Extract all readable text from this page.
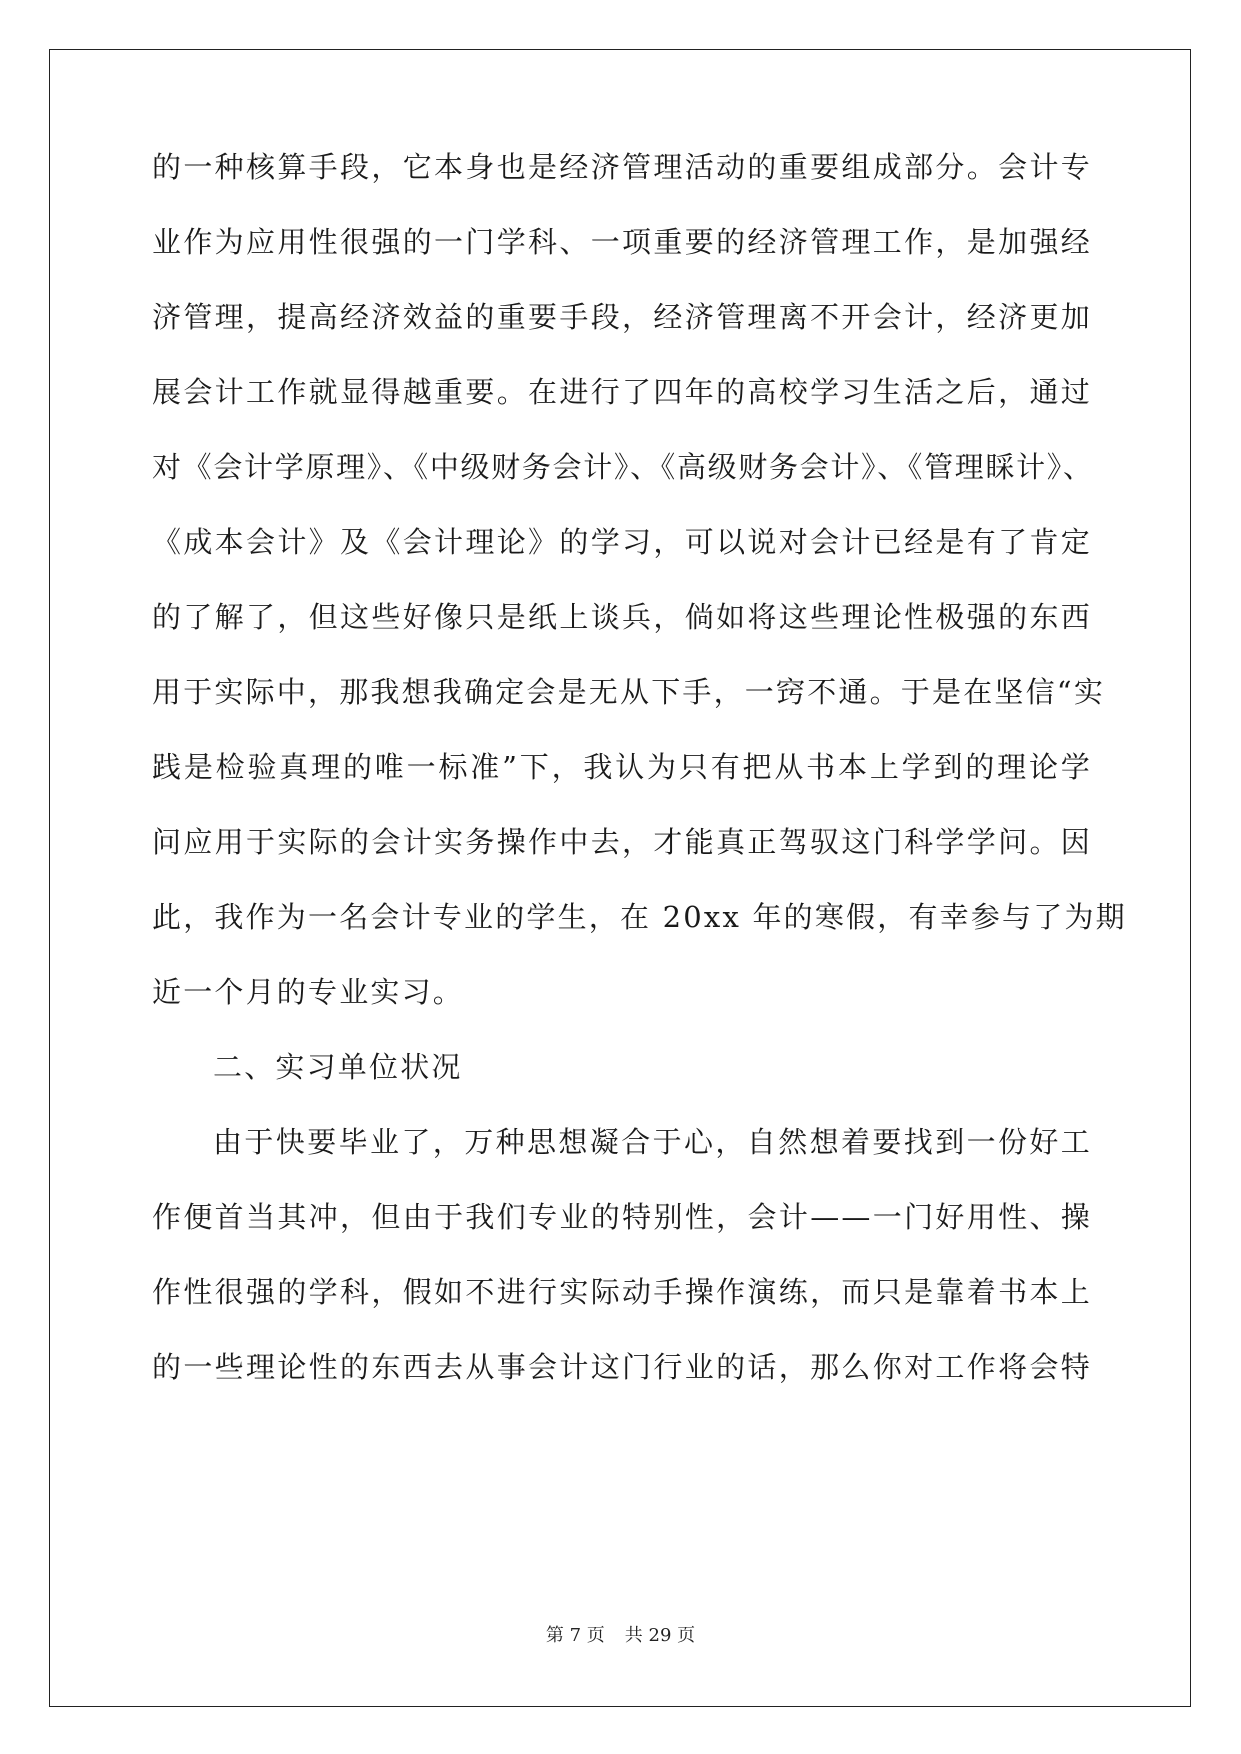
的一种核算手段，它本身也是经济管理活动的重要组成部分。会计专
业作为应用性很强的一门学科、一项重要的经济管理工作，是加强经
济管理，提高经济效益的重要手段，经济管理离不开会计，经济更加
展会计工作就显得越重要。在进行了四年的高校学习生活之后，通过
对《会计学原理》、《中级财务会计》、《高级财务会计》、《管理睬计》、
《成本会计》及《会计理论》的学习，可以说对会计已经是有了肯定
的了解了，但这些好像只是纸上谈兵，倘如将这些理论性极强的东西
用于实际中，那我想我确定会是无从下手，一窍不通。于是在坚信“实
践是检验真理的唯一标准”下，我认为只有把从书本上学到的理论学
问应用于实际的会计实务操作中去，才能真正驾驭这门科学学问。因
此，我作为一名会计专业的学生，在 20xx 年的寒假，有幸参与了为期
近一个月的专业实习。
二、实习单位状况
由于快要毕业了，万种思想凝合于心，自然想着要找到一份好工
作便首当其冲，但由于我们专业的特别性，会计——一门好用性、操
作性很强的学科，假如不进行实际动手操作演练，而只是靠着书本上
的一些理论性的东西去从事会计这门行业的话，那么你对工作将会特
第 7 页 共 29 页
